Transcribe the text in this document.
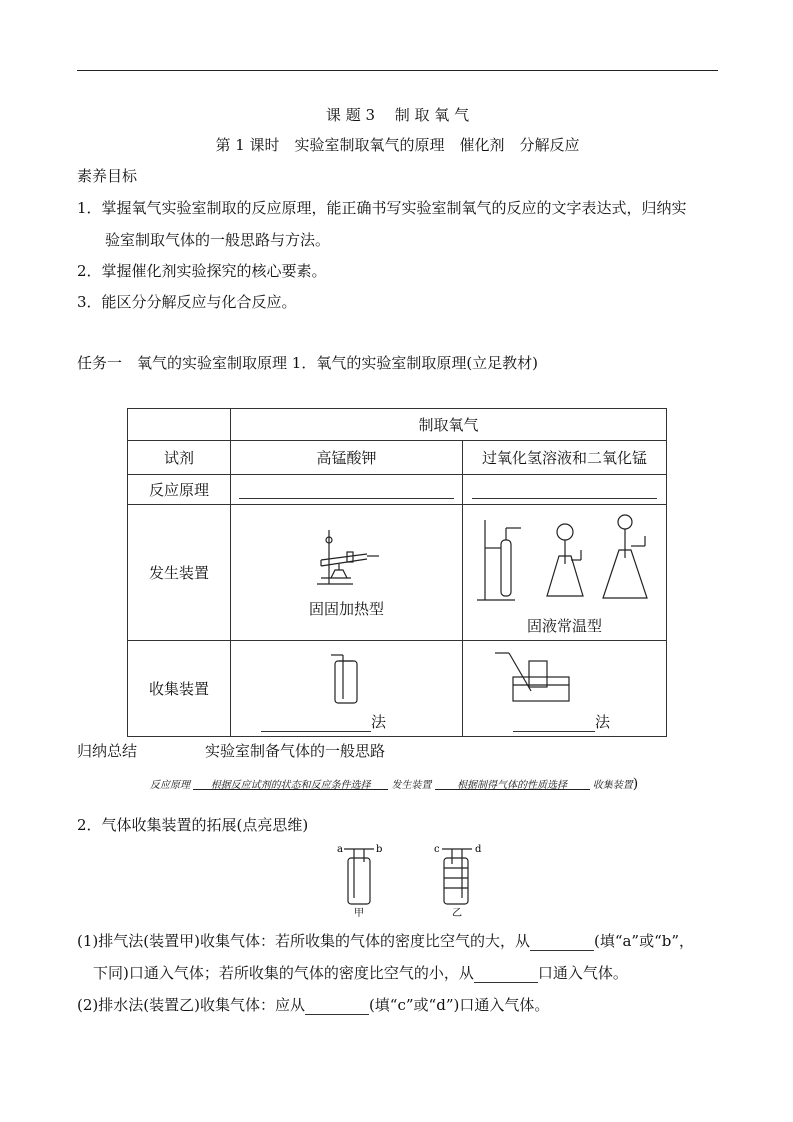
课 题 3　 制 取 氧 气
第 1 课时　实验室制取氧气的原理　催化剂　分解反应
素养目标
1．掌握氧气实验室制取的反应原理，能正确书写实验室制氧气的反应的文字表达式，归纳实
验室制取气体的一般思路与方法。
2．掌握催化剂实验探究的核心要素。
3．能区分分解反应与化合反应。
任务一　氧气的实验室制取原理 1．氧气的实验室制取原理(立足教材)
	制取氧气	
试剂	高锰酸钾	过氧化氢溶液和二氧化锰
反应原理		
发生装置	固固加热型	固液常温型

收集装置	法	法
归纳总结	实验室制备气体的一般思路
反应原理 根据反应试剂的状态和反应条件选择 发生装置	根据制得气体的性质选择	收集装置)
2．气体收集装置的拓展(点亮思维)
a	b
甲
c	d
乙
(1)排气法(装置甲)收集气体：若所收集的气体的密度比空气的大，从	(填“a”或“b”，
下同)口通入气体；若所收集的气体的密度比空气的小，从	口通入气体。
(2)排水法(装置乙)收集气体：应从	(填“c”或“d”)口通入气体。
